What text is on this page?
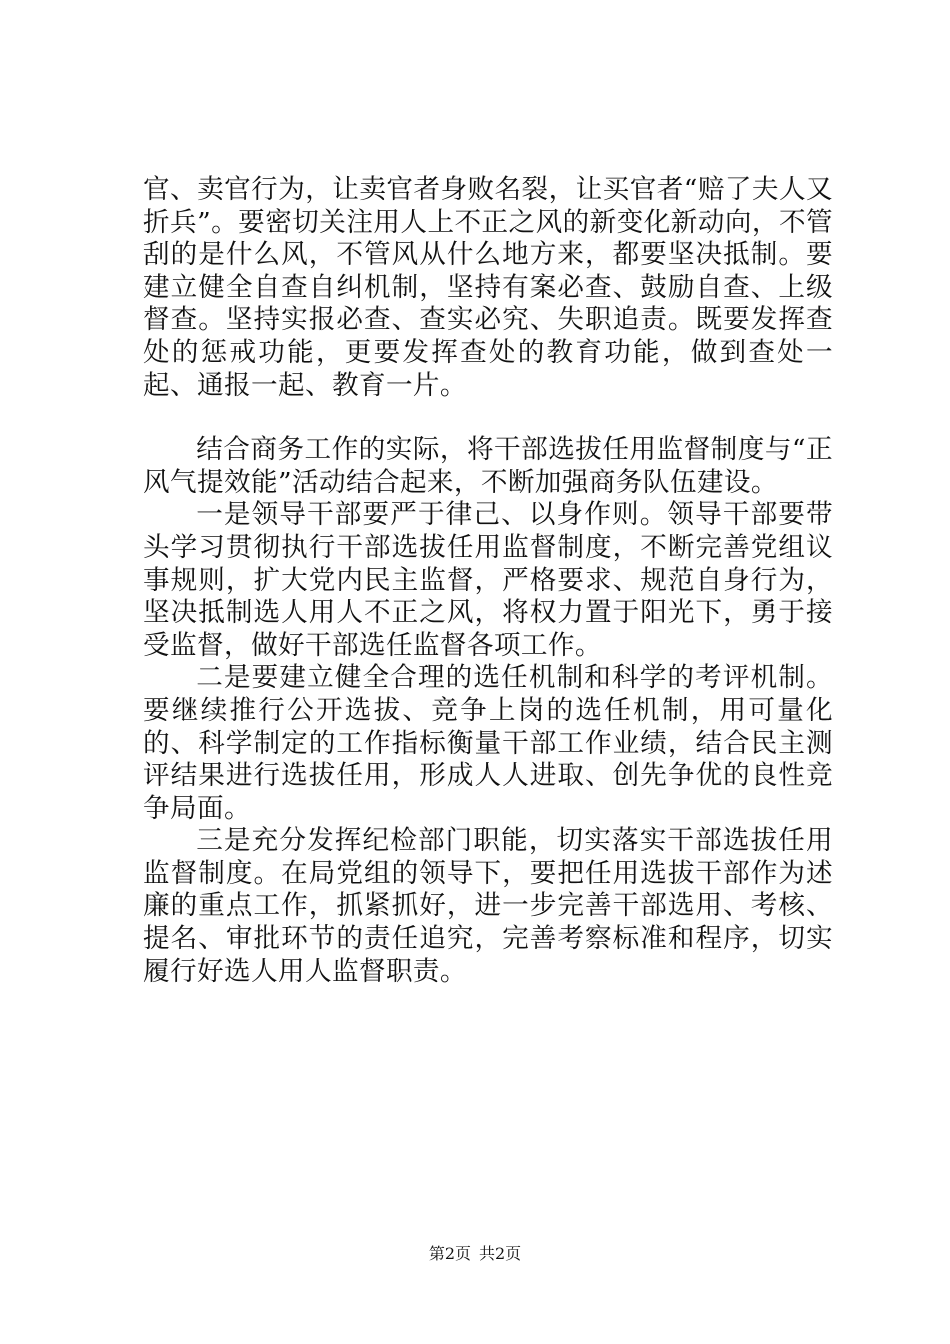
官、卖官行为，让卖官者身败名裂，让买官者“赔了夫人又折兵”。要密切关注用人上不正之风的新变化新动向，不管刮的是什么风，不管风从什么地方来，都要坚决抵制。要建立健全自查自纠机制，坚持有案必查、鼓励自查、上级督查。坚持实报必查、查实必究、失职追责。既要发挥查处的惩戒功能，更要发挥查处的教育功能，做到查处一起、通报一起、教育一片。

结合商务工作的实际，将干部选拔任用监督制度与“正风气提效能”活动结合起来，不断加强商务队伍建设。

一是领导干部要严于律己、以身作则。领导干部要带头学习贯彻执行干部选拔任用监督制度，不断完善党组议事规则，扩大党内民主监督，严格要求、规范自身行为，坚决抵制选人用人不正之风，将权力置于阳光下，勇于接受监督，做好干部选任监督各项工作。

二是要建立健全合理的选任机制和科学的考评机制。要继续推行公开选拔、竞争上岗的选任机制，用可量化的、科学制定的工作指标衡量干部工作业绩，结合民主测评结果进行选拔任用，形成人人进取、创先争优的良性竞争局面。

三是充分发挥纪检部门职能，切实落实干部选拔任用监督制度。在局党组的领导下，要把任用选拔干部作为述廉的重点工作，抓紧抓好，进一步完善干部选用、考核、提名、审批环节的责任追究，完善考察标准和程序，切实履行好选人用人监督职责。

第2页 共2页
